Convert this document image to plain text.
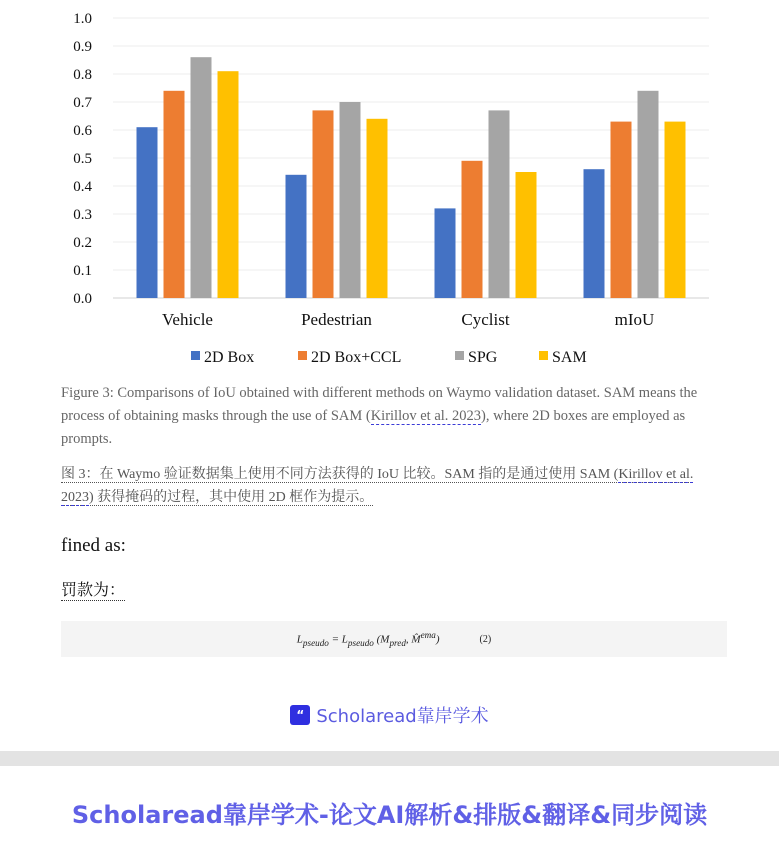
0.0
0.1
0.2
0.3
0.4
0.5
0.6
0.7
0.8
0.9
1.0
Vehicle	Pedestrian	Cyclist	mIoU
2D Box	2D Box+CCL	SPG	SAM
Figure 3: Comparisons of IoU obtained with different methods on Waymo validation dataset. SAM means the process of obtaining masks through the use of SAM (Kirillov et al. 2023), where 2D boxes are employed as prompts.
图 3：在 Waymo 验证数据集上使用不同方法获得的 IoU 比较。SAM 指的是通过使用 SAM (Kirillov et al. 2023) 获得掩码的过程，其中使用 2D 框作为提示。
fined as:
罚款为：
$L_{pseudo} = L_{pseudo}$ ($M_{pred}$, M̂$^{ema}$)	(2)
“ Scholaread靠岸学术
Scholaread靠岸学术-论文AI解析&排版&翻译&同步阅读
